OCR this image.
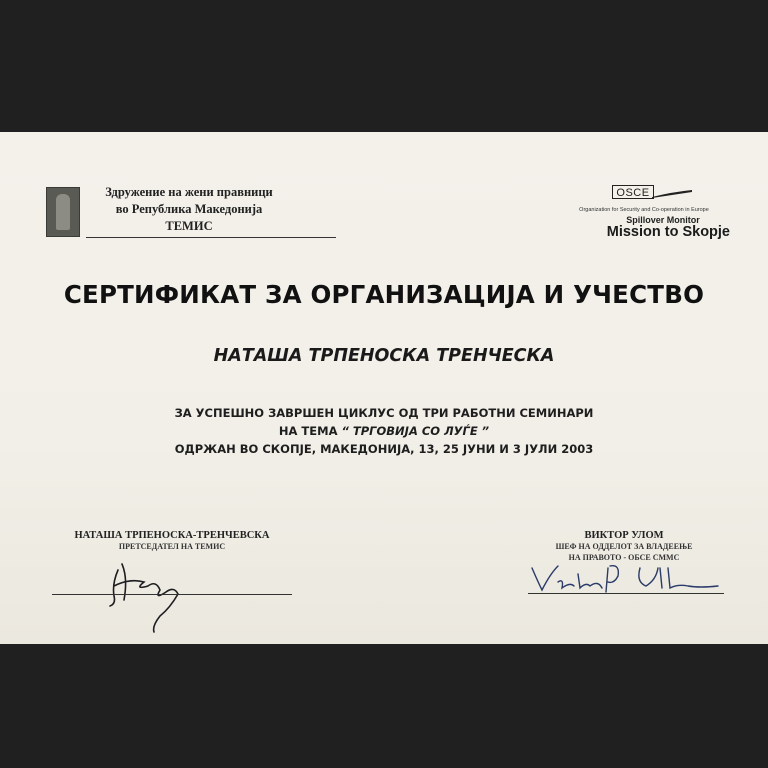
Здружение на жени правници
во Република Македонија
ТЕМИС
OSCE
Organization for Security and Co-operation in Europe
Spillover Monitor
Mission to Skopje
СЕРТИФИКАТ ЗА ОРГАНИЗАЦИЈА И УЧЕСТВО
НАТАША ТРПЕНОСКА ТРЕНЧЕСКА
ЗА УСПЕШНО ЗАВРШЕН ЦИКЛУС ОД ТРИ РАБОТНИ СЕМИНАРИ
НА ТЕМА “ ТРГОВИЈА СО ЛУЃЕ ”
ОДРЖАН ВО СКОПЈЕ, МАКЕДОНИЈА, 13, 25 ЈУНИ И 3 ЈУЛИ 2003
НАТАША ТРПЕНОСКА-ТРЕНЧЕВСКА
ПРЕТСЕДАТЕЛ НА ТЕМИС
ВИКТОР УЛОМ
ШЕФ НА ОДДЕЛОТ ЗА ВЛАДЕЕЊЕ
НА ПРАВОТО - ОБСЕ СММС
